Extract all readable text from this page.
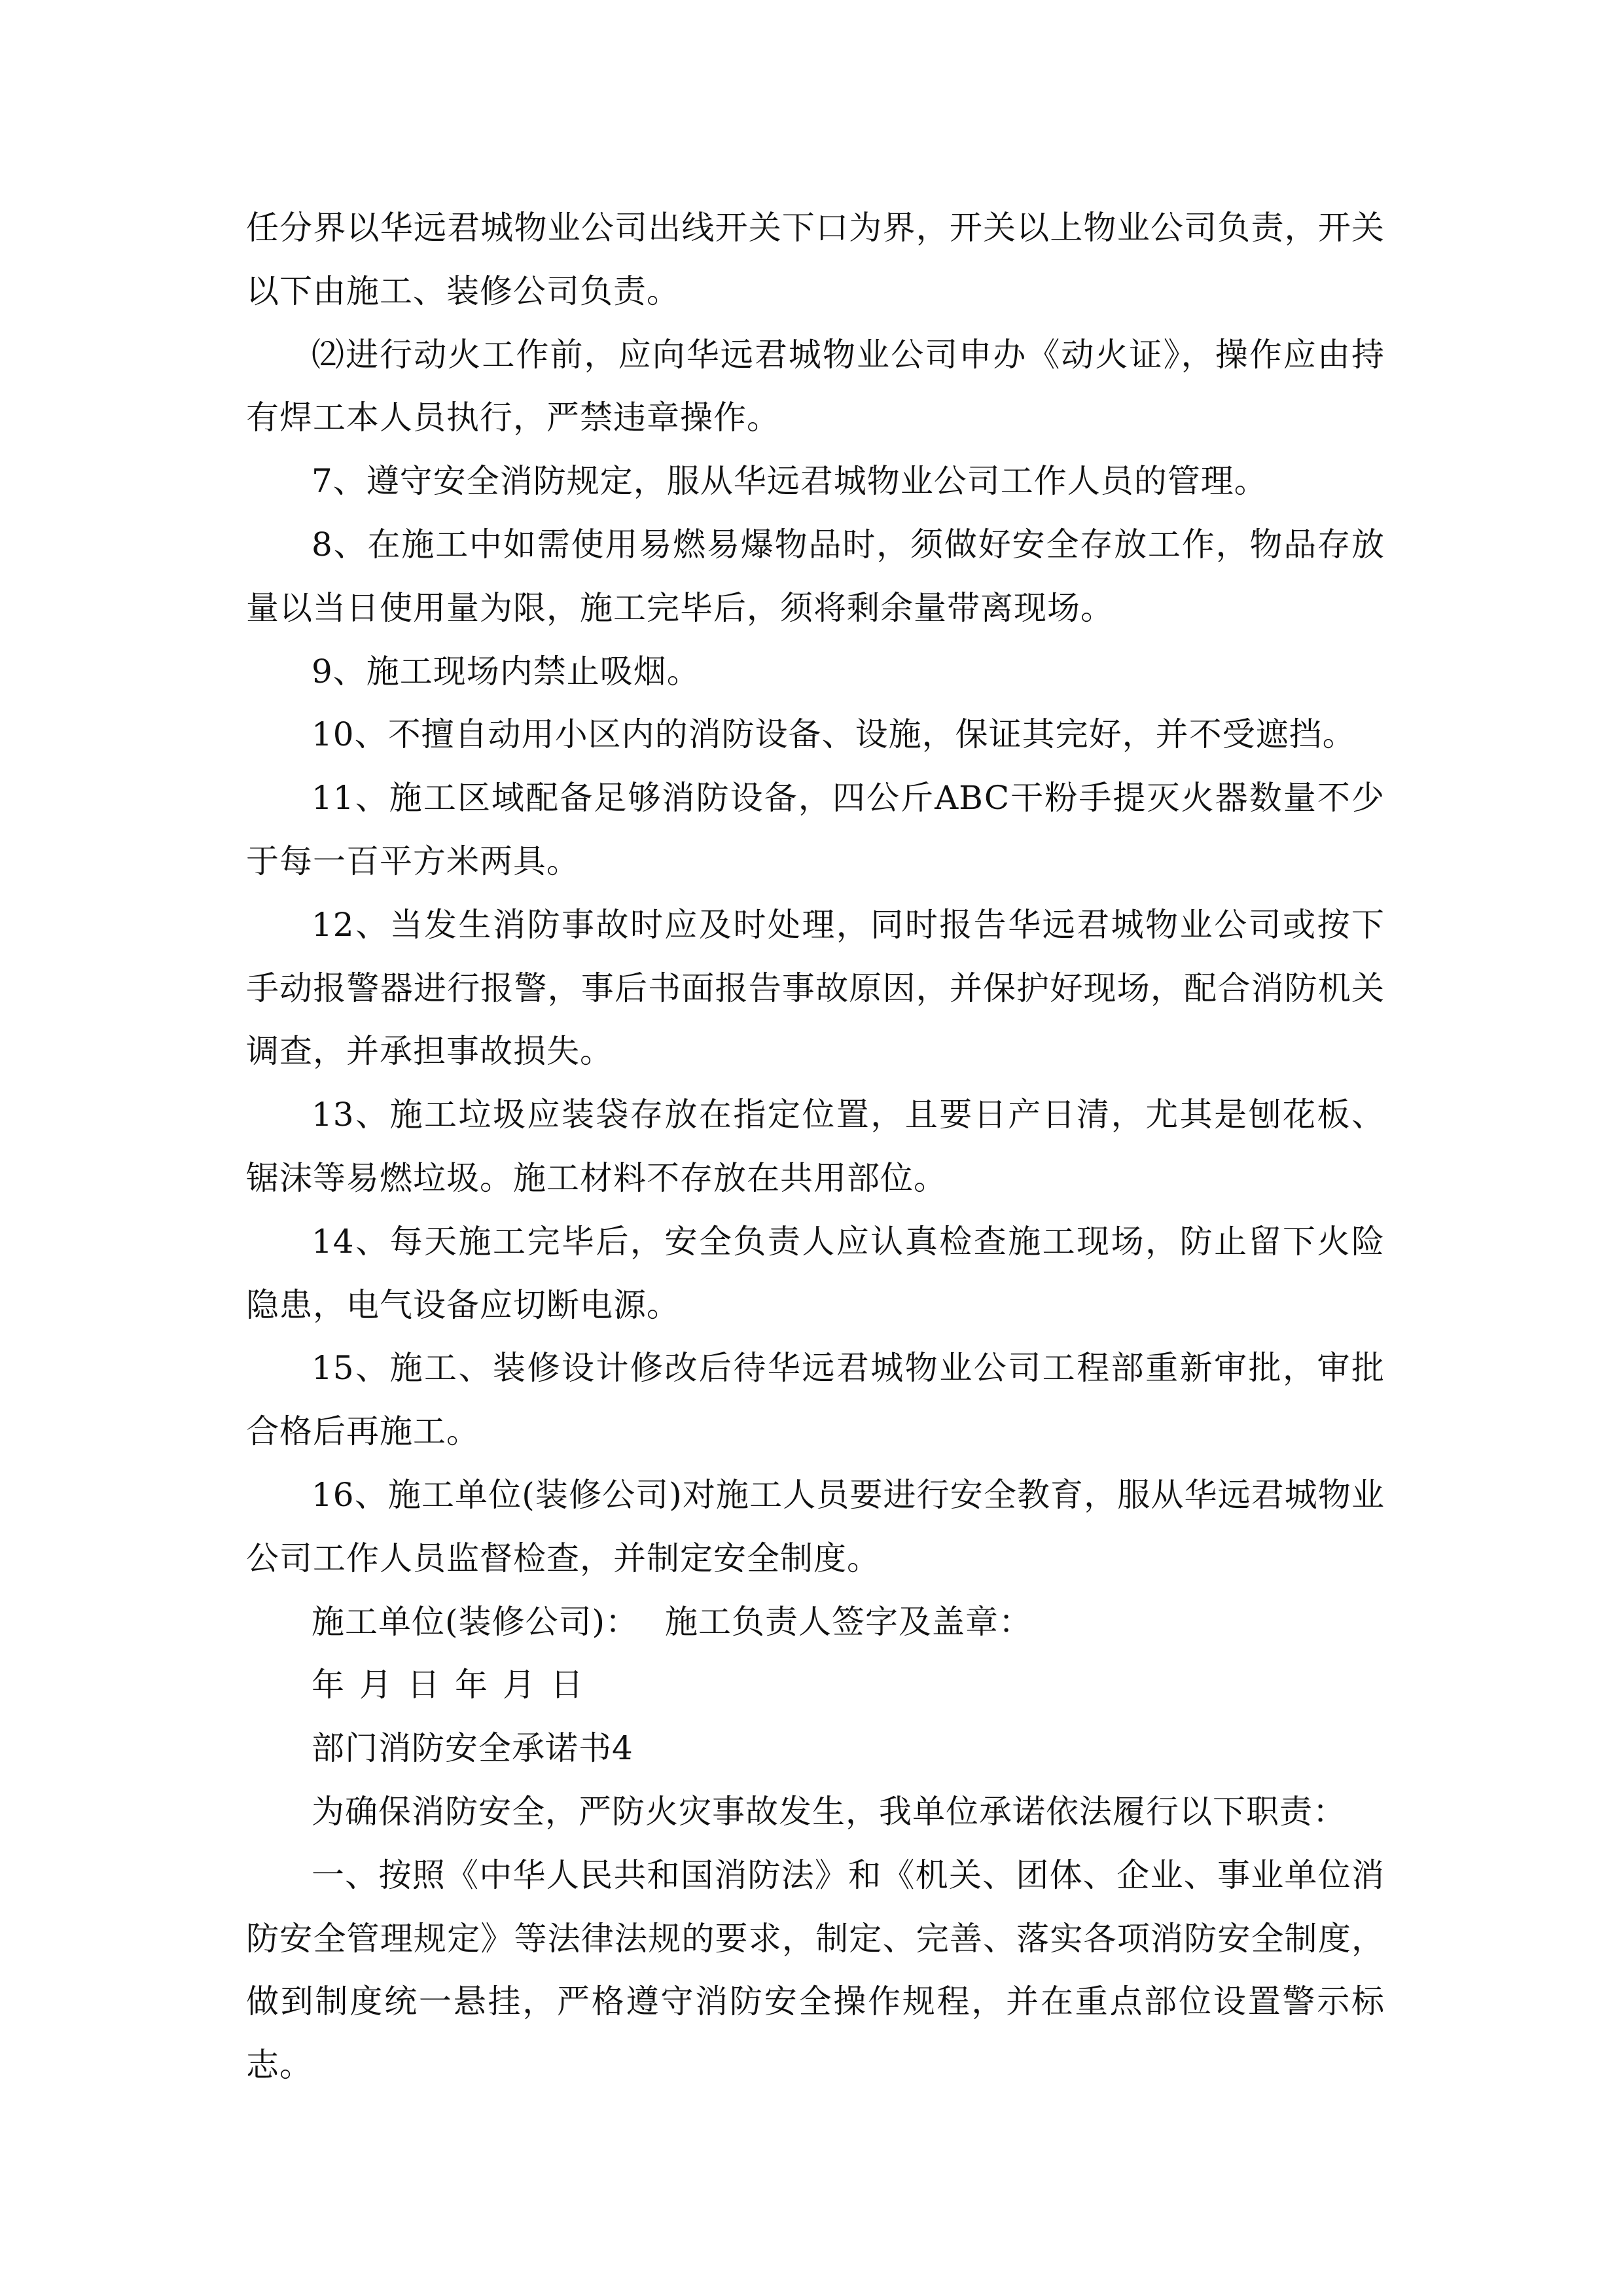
任分界以华远君城物业公司出线开关下口为界，开关以上物业公司负责，开关以下由施工、装修公司负责。

⑵进行动火工作前，应向华远君城物业公司申办《动火证》，操作应由持有焊工本人员执行，严禁违章操作。

7、遵守安全消防规定，服从华远君城物业公司工作人员的管理。

8、在施工中如需使用易燃易爆物品时，须做好安全存放工作，物品存放量以当日使用量为限，施工完毕后，须将剩余量带离现场。

9、施工现场内禁止吸烟。

10、不擅自动用小区内的消防设备、设施，保证其完好，并不受遮挡。

11、施工区域配备足够消防设备，四公斤ABC干粉手提灭火器数量不少于每一百平方米两具。

12、当发生消防事故时应及时处理，同时报告华远君城物业公司或按下手动报警器进行报警，事后书面报告事故原因，并保护好现场，配合消防机关调查，并承担事故损失。

13、施工垃圾应装袋存放在指定位置，且要日产日清，尤其是刨花板、锯沫等易燃垃圾。施工材料不存放在共用部位。

14、每天施工完毕后，安全负责人应认真检查施工现场，防止留下火险隐患，电气设备应切断电源。

15、施工、装修设计修改后待华远君城物业公司工程部重新审批，审批合格后再施工。

16、施工单位(装修公司)对施工人员要进行安全教育，服从华远君城物业公司工作人员监督检查，并制定安全制度。

施工单位(装修公司)： 施工负责人签字及盖章：

年 月 日 年 月 日

部门消防安全承诺书4

为确保消防安全，严防火灾事故发生，我单位承诺依法履行以下职责：

一、按照《中华人民共和国消防法》和《机关、团体、企业、事业单位消防安全管理规定》等法律法规的要求，制定、完善、落实各项消防安全制度，做到制度统一悬挂，严格遵守消防安全操作规程，并在重点部位设置警示标志。
